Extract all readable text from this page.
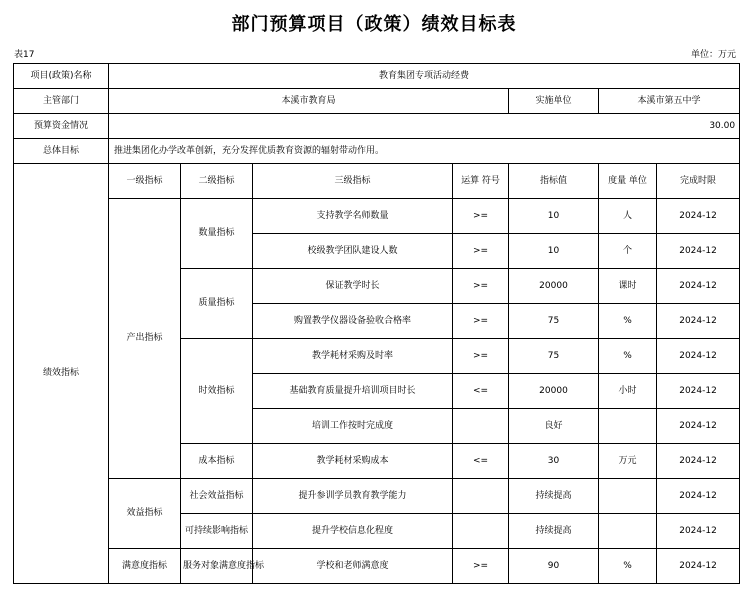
部门预算项目（政策）绩效目标表
表17	单位：万元
项目(政策)名称	教育集团专项活动经费						
主管部门	本溪市教育局				实施单位	本溪市第五中学	
预算资金情况	30.00						
总体目标	推进集团化办学改革创新，充分发挥优质教育资源的辐射带动作用。						
绩效指标	一级指标	二级指标	三级指标	运算 符号	指标值	度量 单位	完成时限
	产出指标	数量指标	支持教学名师数量	>=	10	人	2024-12
			校级教学团队建设人数	>=	10	个	2024-12
		质量指标	保证教学时长	>=	20000	课时	2024-12
			购置教学仪器设备验收合格率	>=	75	%	2024-12
		时效指标	教学耗材采购及时率	>=	75	%	2024-12
			基础教育质量提升培训项目时长	<=	20000	小时	2024-12
			培训工作按时完成度		良好		2024-12
		成本指标	教学耗材采购成本	<=	30	万元	2024-12
	效益指标	社会效益指标	提升参训学员教育教学能力		持续提高		2024-12
		可持续影响指标	提升学校信息化程度		持续提高		2024-12
	满意度指标	服务对象满意度指标	学校和老师满意度	>=	90	%	2024-12
